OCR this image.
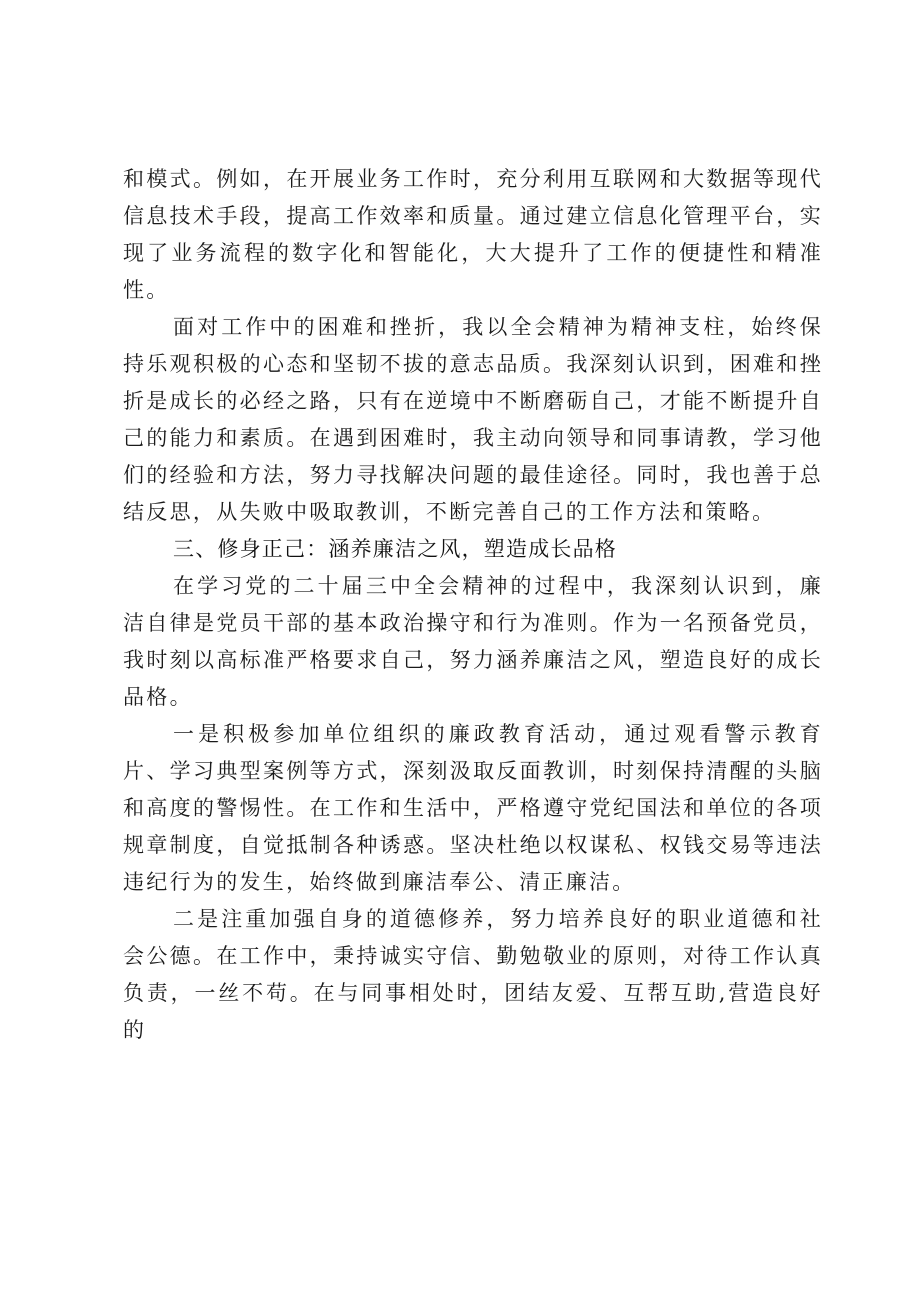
和模式。例如，在开展业务工作时，充分利用互联网和大数据等现代信息技术手段，提高工作效率和质量。通过建立信息化管理平台，实现了业务流程的数字化和智能化，大大提升了工作的便捷性和精准性。

面对工作中的困难和挫折，我以全会精神为精神支柱，始终保持乐观积极的心态和坚韧不拔的意志品质。我深刻认识到，困难和挫折是成长的必经之路，只有在逆境中不断磨砺自己，才能不断提升自己的能力和素质。在遇到困难时，我主动向领导和同事请教，学习他们的经验和方法，努力寻找解决问题的最佳途径。同时，我也善于总结反思，从失败中吸取教训，不断完善自己的工作方法和策略。

三、修身正己：涵养廉洁之风，塑造成长品格

在学习党的二十届三中全会精神的过程中，我深刻认识到，廉洁自律是党员干部的基本政治操守和行为准则。作为一名预备党员，我时刻以高标准严格要求自己，努力涵养廉洁之风，塑造良好的成长品格。

一是积极参加单位组织的廉政教育活动，通过观看警示教育片、学习典型案例等方式，深刻汲取反面教训，时刻保持清醒的头脑和高度的警惕性。在工作和生活中，严格遵守党纪国法和单位的各项规章制度，自觉抵制各种诱惑。坚决杜绝以权谋私、权钱交易等违法违纪行为的发生，始终做到廉洁奉公、清正廉洁。

二是注重加强自身的道德修养，努力培养良好的职业道德和社会公德。在工作中，秉持诚实守信、勤勉敬业的原则，对待工作认真负责，一丝不苟。在与同事相处时，团结友爱、互帮互助,营造良好的
